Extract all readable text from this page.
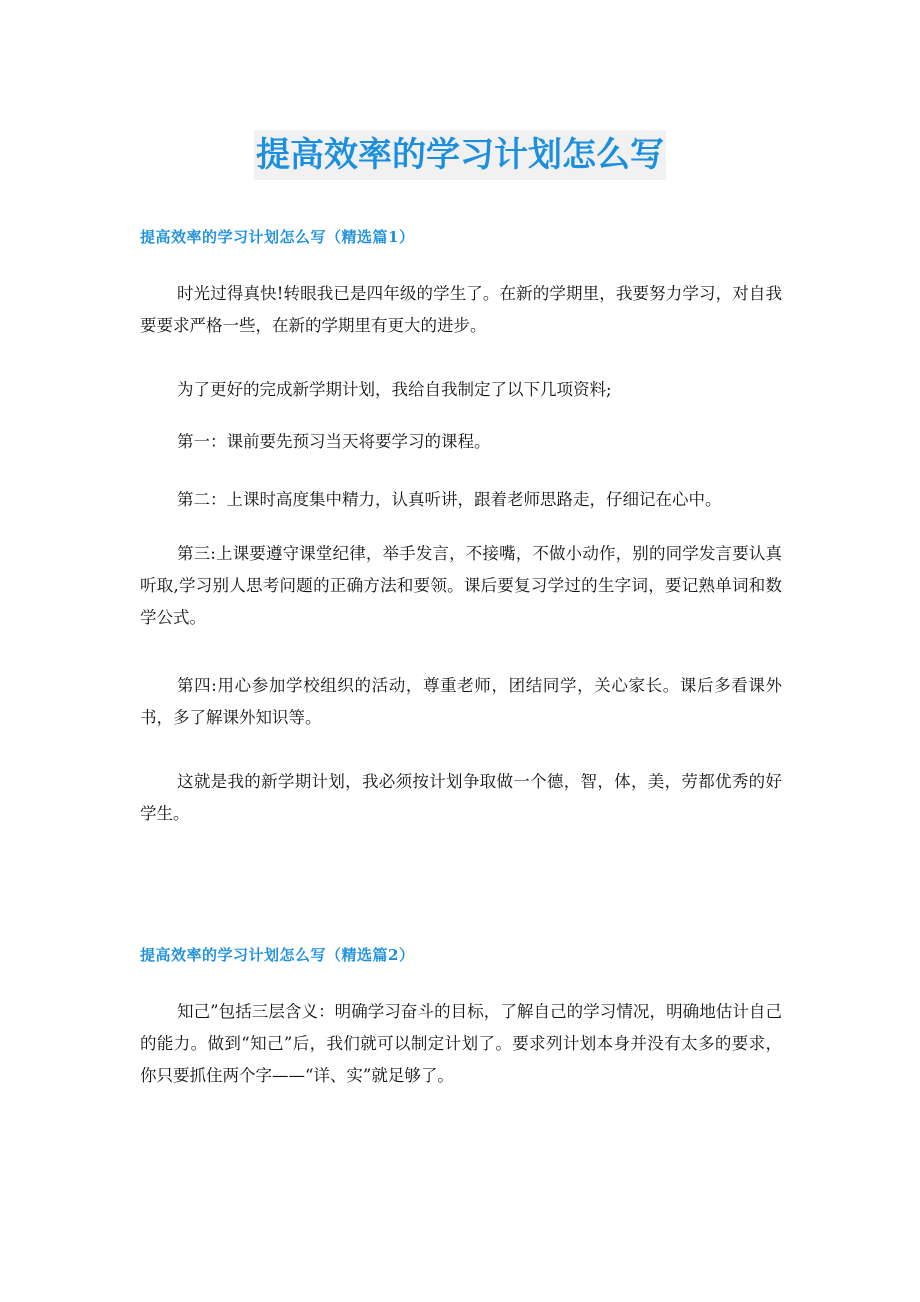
提高效率的学习计划怎么写
提高效率的学习计划怎么写（精选篇1）

时光过得真快!转眼我已是四年级的学生了。在新的学期里，我要努力学习，对自我要要求严格一些，在新的学期里有更大的进步。

为了更好的完成新学期计划，我给自我制定了以下几项资料;

第一：课前要先预习当天将要学习的课程。

第二：上课时高度集中精力，认真听讲，跟着老师思路走，仔细记在心中。

第三:上课要遵守课堂纪律，举手发言，不接嘴，不做小动作，别的同学发言要认真听取,学习别人思考问题的正确方法和要领。课后要复习学过的生字词，要记熟单词和数学公式。

第四:用心参加学校组织的活动，尊重老师，团结同学，关心家长。课后多看课外书，多了解课外知识等。

这就是我的新学期计划，我必须按计划争取做一个德，智，体，美，劳都优秀的好学生。

提高效率的学习计划怎么写（精选篇2）

知己”包括三层含义：明确学习奋斗的目标，了解自己的学习情况，明确地估计自己的能力。做到“知己”后，我们就可以制定计划了。要求列计划本身并没有太多的要求，你只要抓住两个字——“详、实”就足够了。
